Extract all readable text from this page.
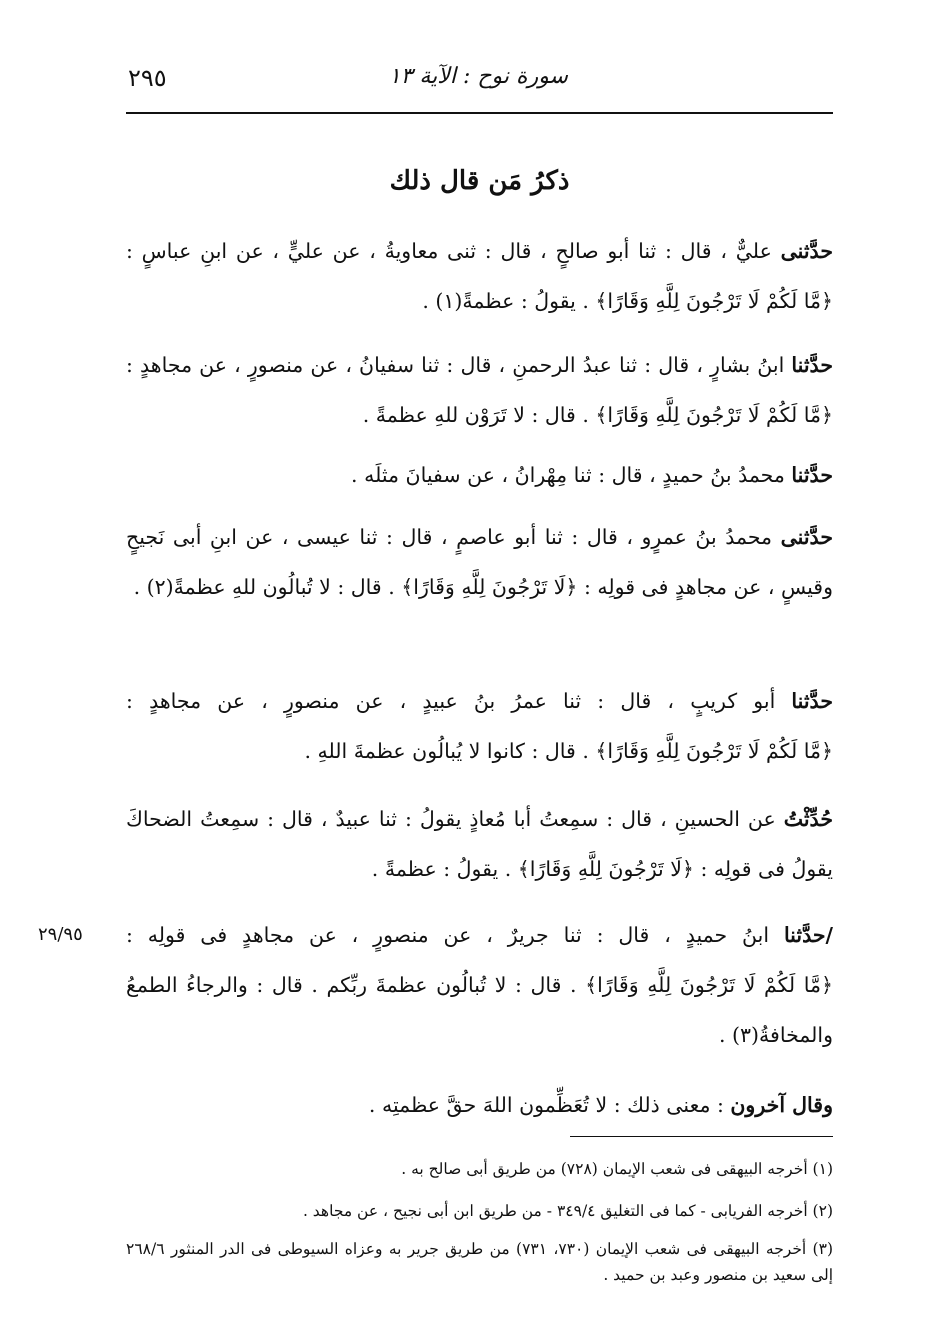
٢٩٥	سورة نوح : الآية ١٣
ذكرُ مَن قال ذلك
حدَّثنى عليٌّ ، قال : ثنا أبو صالحٍ ، قال : ثنى معاويةُ ، عن عليٍّ ، عن ابنِ عباسٍ : ﴿مَّا لَكُمْ لَا تَرْجُونَ لِلَّهِ وَقَارًا﴾ . يقولُ : عظمةً(١) .
حدَّثنا ابنُ بشارٍ ، قال : ثنا عبدُ الرحمنِ ، قال : ثنا سفيانُ ، عن منصورٍ ، عن مجاهدٍ : ﴿مَّا لَكُمْ لَا تَرْجُونَ لِلَّهِ وَقَارًا﴾ . قال : لا تَرَوْن للهِ عظمةً .
حدَّثنا محمدُ بنُ حميدٍ ، قال : ثنا مِهْرانُ ، عن سفيانَ مثلَه .
حدَّثنى محمدُ بنُ عمرٍو ، قال : ثنا أبو عاصمٍ ، قال : ثنا عيسى ، عن ابنِ أبى نَجيحٍ وقيسٍ ، عن مجاهدٍ فى قولِه : ﴿لَا تَرْجُونَ لِلَّهِ وَقَارًا﴾ . قال : لا تُبالُون للهِ عظمةً(٢) .
حدَّثنا أبو كريبٍ ، قال : ثنا عمرُ بنُ عبيدٍ ، عن منصورٍ ، عن مجاهدٍ : ﴿مَّا لَكُمْ لَا تَرْجُونَ لِلَّهِ وَقَارًا﴾ . قال : كانوا لا يُبالُون عظمةَ اللهِ .
حُدِّثْتُ عن الحسينِ ، قال : سمِعتُ أبا مُعاذٍ يقولُ : ثنا عبيدٌ ، قال : سمِعتُ الضحاكَ يقولُ فى قولِه : ﴿لَا تَرْجُونَ لِلَّهِ وَقَارًا﴾ . يقولُ : عظمةً .
٢٩/٩٥	/حدَّثنا ابنُ حميدٍ ، قال : ثنا جريرٌ ، عن منصورٍ ، عن مجاهدٍ فى قولِه : ﴿مَّا لَكُمْ لَا تَرْجُونَ لِلَّهِ وَقَارًا﴾ . قال : لا تُبالُون عظمةَ ربِّكم . قال : والرجاءُ الطمعُ والمخافةُ(٣) .
وقال آخرون : معنى ذلك : لا تُعَظِّمون اللهَ حقَّ عظمتِه .
(١) أخرجه البيهقى فى شعب الإيمان (٧٢٨) من طريق أبى صالح به .
(٢) أخرجه الفريابى - كما فى التغليق ٣٤٩/٤ - من طريق ابن أبى نجيح ، عن مجاهد .
(٣) أخرجه البيهقى فى شعب الإيمان (٧٣٠، ٧٣١) من طريق جرير به وعزاه السيوطى فى الدر المنثور ٢٦٨/٦ إلى سعيد بن منصور وعبد بن حميد .
